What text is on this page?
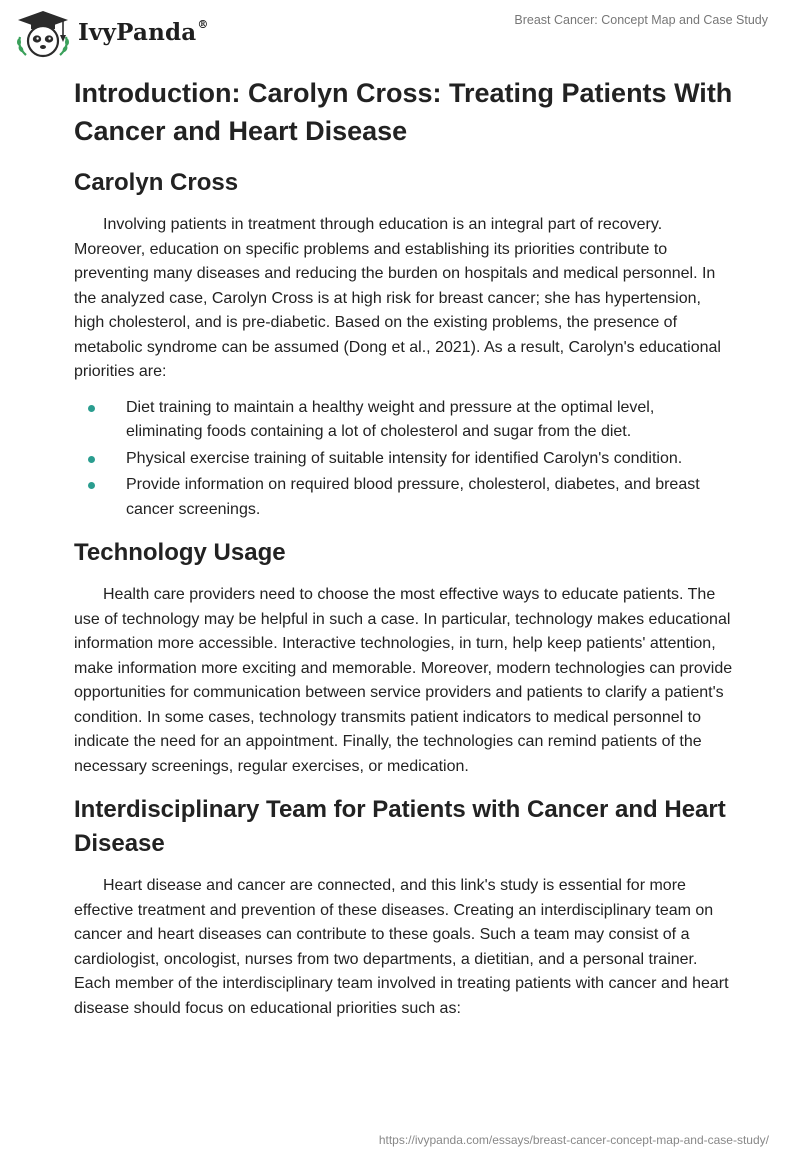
IvyPanda®	Breast Cancer: Concept Map and Case Study
Introduction: Carolyn Cross: Treating Patients With Cancer and Heart Disease
Carolyn Cross

Involving patients in treatment through education is an integral part of recovery. Moreover, education on specific problems and establishing its priorities contribute to preventing many diseases and reducing the burden on hospitals and medical personnel. In the analyzed case, Carolyn Cross is at high risk for breast cancer; she has hypertension, high cholesterol, and is pre-diabetic. Based on the existing problems, the presence of metabolic syndrome can be assumed (Dong et al., 2021). As a result, Carolyn's educational priorities are:

Diet training to maintain a healthy weight and pressure at the optimal level, eliminating foods containing a lot of cholesterol and sugar from the diet.
Physical exercise training of suitable intensity for identified Carolyn's condition.
Provide information on required blood pressure, cholesterol, diabetes, and breast cancer screenings.
Technology Usage

Health care providers need to choose the most effective ways to educate patients. The use of technology may be helpful in such a case. In particular, technology makes educational information more accessible. Interactive technologies, in turn, help keep patients' attention, make information more exciting and memorable. Moreover, modern technologies can provide opportunities for communication between service providers and patients to clarify a patient's condition. In some cases, technology transmits patient indicators to medical personnel to indicate the need for an appointment. Finally, the technologies can remind patients of the necessary screenings, regular exercises, or medication.

Interdisciplinary Team for Patients with Cancer and Heart Disease

Heart disease and cancer are connected, and this link's study is essential for more effective treatment and prevention of these diseases. Creating an interdisciplinary team on cancer and heart diseases can contribute to these goals. Such a team may consist of a cardiologist, oncologist, nurses from two departments, a dietitian, and a personal trainer. Each member of the interdisciplinary team involved in treating patients with cancer and heart disease should focus on educational priorities such as:

https://ivypanda.com/essays/breast-cancer-concept-map-and-case-study/
